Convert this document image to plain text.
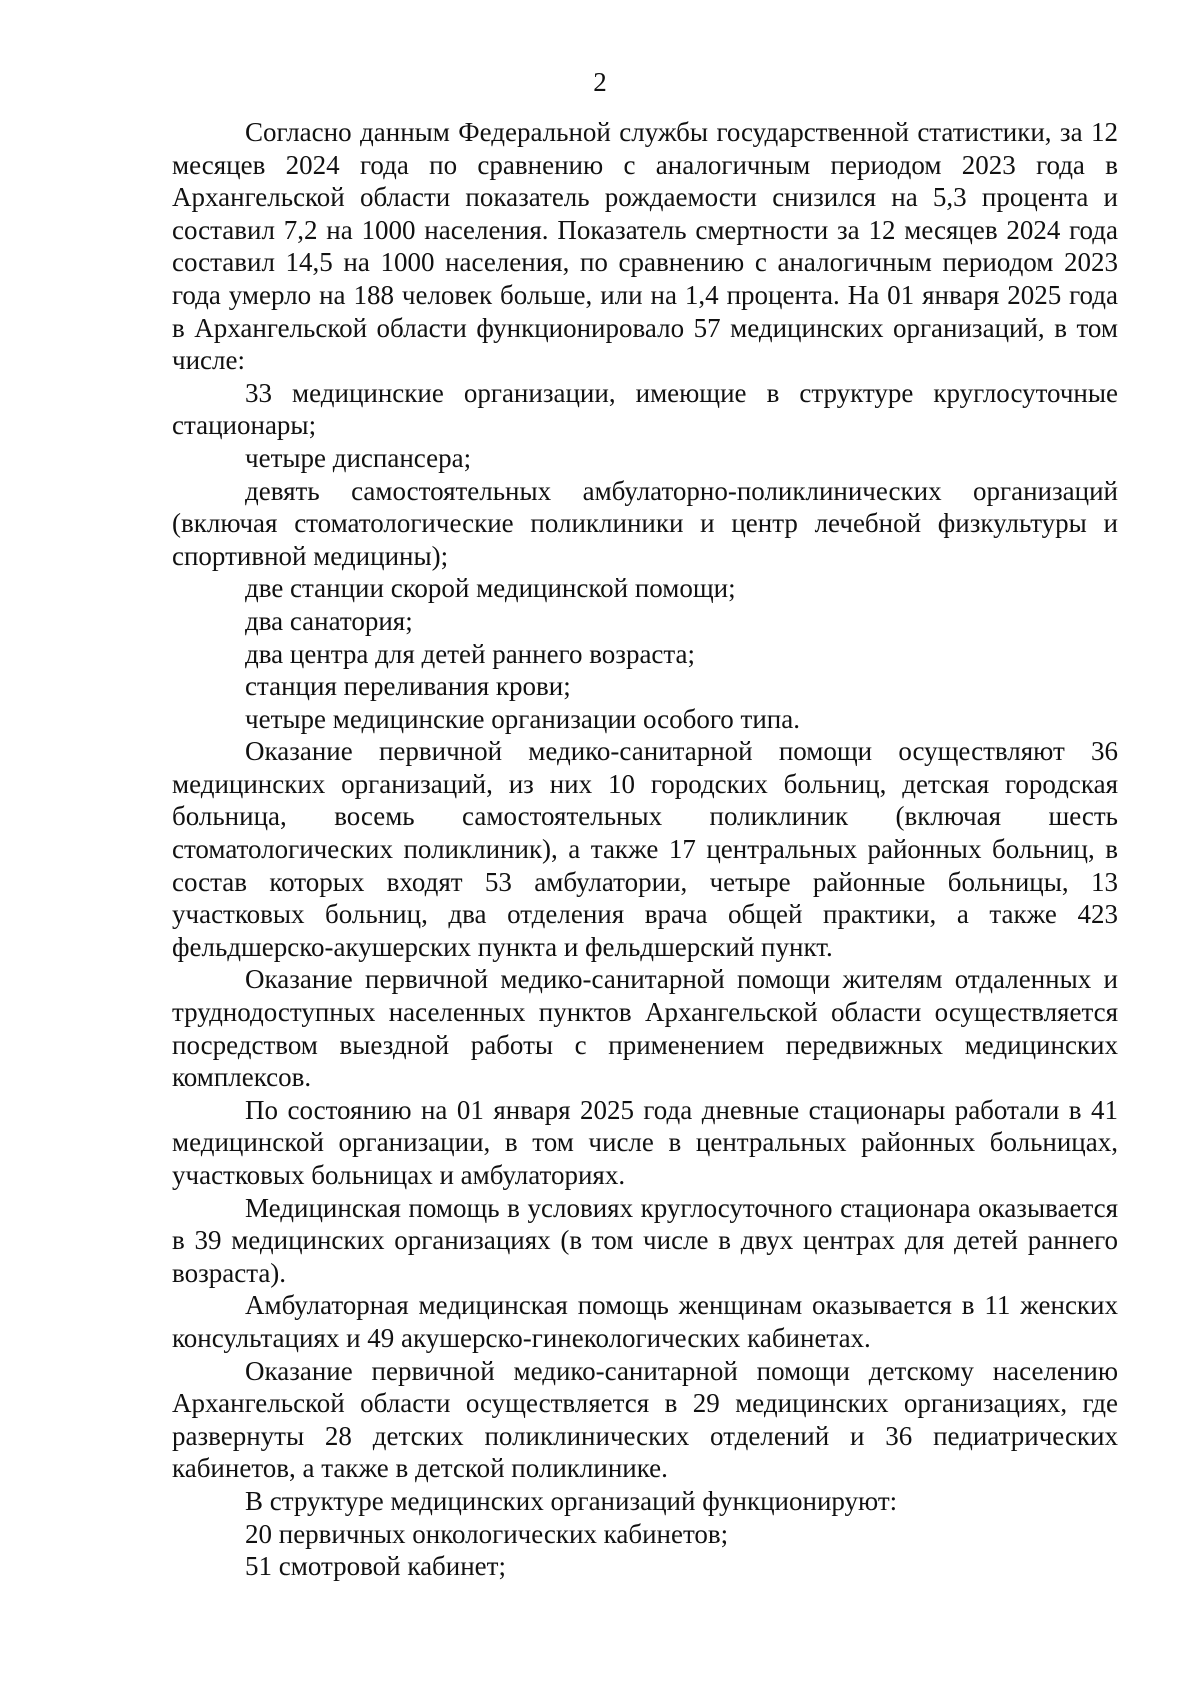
2

Согласно данным Федеральной службы государственной статистики, за 12 месяцев 2024 года по сравнению с аналогичным периодом 2023 года в Архангельской области показатель рождаемости снизился на 5,3 процента и составил 7,2 на 1000 населения. Показатель смертности за 12 месяцев 2024 года составил 14,5 на 1000 населения, по сравнению с аналогичным периодом 2023 года умерло на 188 человек больше, или на 1,4 процента. На 01 января 2025 года в Архангельской области функционировало 57 медицинских организаций, в том числе:

33 медицинские организации, имеющие в структуре круглосуточные стационары;

четыре диспансера;

девять самостоятельных амбулаторно-поликлинических организаций (включая стоматологические поликлиники и центр лечебной физкультуры и спортивной медицины);

две станции скорой медицинской помощи;

два санатория;

два центра для детей раннего возраста;

станция переливания крови;

четыре медицинские организации особого типа.

Оказание первичной медико-санитарной помощи осуществляют 36 медицинских организаций, из них 10 городских больниц, детская городская больница, восемь самостоятельных поликлиник (включая шесть стоматологических поликлиник), а также 17 центральных районных больниц, в состав которых входят 53 амбулатории, четыре районные больницы, 13 участковых больниц, два отделения врача общей практики, а также 423 фельдшерско-акушерских пункта и фельдшерский пункт.

Оказание первичной медико-санитарной помощи жителям отдаленных и труднодоступных населенных пунктов Архангельской области осуществляется посредством выездной работы с применением передвижных медицинских комплексов.

По состоянию на 01 января 2025 года дневные стационары работали в 41 медицинской организации, в том числе в центральных районных больницах, участковых больницах и амбулаториях.

Медицинская помощь в условиях круглосуточного стационара оказывается в 39 медицинских организациях (в том числе в двух центрах для детей раннего возраста).

Амбулаторная медицинская помощь женщинам оказывается в 11 женских консультациях и 49 акушерско-гинекологических кабинетах.

Оказание первичной медико-санитарной помощи детскому населению Архангельской области осуществляется в 29 медицинских организациях, где развернуты 28 детских поликлинических отделений и 36 педиатрических кабинетов, а также в детской поликлинике.

В структуре медицинских организаций функционируют:

20 первичных онкологических кабинетов;

51 смотровой кабинет;
